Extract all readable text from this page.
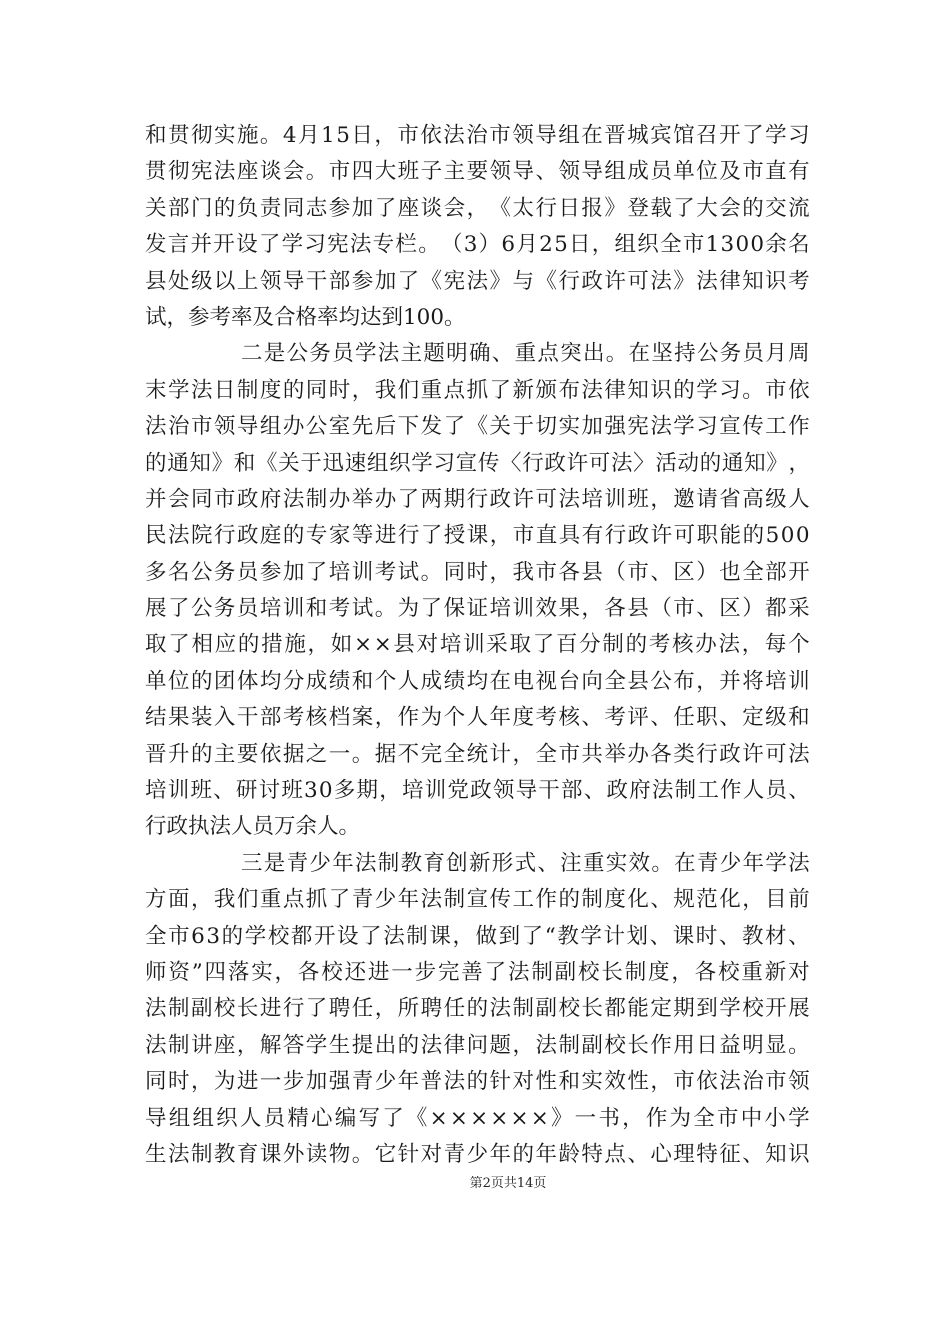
和 贯 彻 实 施 。 4 月 1 5 日 ， 市 依 法 治 市 领 导 组 在 晋 城 宾 馆 召 开 了 学 习
贯 彻 宪 法 座 谈 会 。 市 四 大 班 子 主 要 领 导 、 领 导 组 成 员 单 位 及 市 直 有
关 部 门 的 负 责 同 志 参 加 了 座 谈 会 ， 《 太 行 日 报 》 登 载 了 大 会 的 交 流
发 言 并 开 设 了 学 习 宪 法 专 栏 。 （ 3 ） 6 月 2 5 日 ， 组 织 全 市 1 3 0 0 余 名
县 处 级 以 上 领 导 干 部 参 加 了 《 宪 法 》 与 《 行 政 许 可 法 》 法 律 知 识 考
试，参考率及合格率均达到100。
二 是 公 务 员 学 法 主 题 明 确 、 重 点 突 出 。 在 坚 持 公 务 员 月 周
末 学 法 日 制 度 的 同 时 ， 我 们 重 点 抓 了 新 颁 布 法 律 知 识 的 学 习 。 市 依
法 治 市 领 导 组 办 公 室 先 后 下 发 了 《 关 于 切 实 加 强 宪 法 学 习 宣 传 工 作
的 通 知 》 和 《 关 于 迅 速 组 织 学 习 宣 传 〈 行 政 许 可 法 〉 活 动 的 通 知 》 ，
并 会 同 市 政 府 法 制 办 举 办 了 两 期 行 政 许 可 法 培 训 班 ， 邀 请 省 高 级 人
民 法 院 行 政 庭 的 专 家 等 进 行 了 授 课 ， 市 直 具 有 行 政 许 可 职 能 的 5 0 0
多 名 公 务 员 参 加 了 培 训 考 试 。 同 时 ， 我 市 各 县 （ 市 、 区 ） 也 全 部 开
展 了 公 务 员 培 训 和 考 试 。 为 了 保 证 培 训 效 果 ， 各 县 （ 市 、 区 ） 都 采
取 了 相 应 的 措 施 ， 如 × × 县 对 培 训 采 取 了 百 分 制 的 考 核 办 法 ， 每 个
单 位 的 团 体 均 分 成 绩 和 个 人 成 绩 均 在 电 视 台 向 全 县 公 布 ， 并 将 培 训
结 果 装 入 干 部 考 核 档 案 ， 作 为 个 人 年 度 考 核 、 考 评 、 任 职 、 定 级 和
晋 升 的 主 要 依 据 之 一 。 据 不 完 全 统 计 ， 全 市 共 举 办 各 类 行 政 许 可 法
培 训 班 、 研 讨 班 3 0 多 期 ， 培 训 党 政 领 导 干 部 、 政 府 法 制 工 作 人 员 、
行政执法人员万余人。
三 是 青 少 年 法 制 教 育 创 新 形 式 、 注 重 实 效 。 在 青 少 年 学 法
方 面 ， 我 们 重 点 抓 了 青 少 年 法 制 宣 传 工 作 的 制 度 化 、 规 范 化 ， 目 前
全 市 6 3 的 学 校 都 开 设 了 法 制 课 ， 做 到 了 “ 教 学 计 划 、 课 时 、 教 材 、
师 资 ” 四 落 实 ， 各 校 还 进 一 步 完 善 了 法 制 副 校 长 制 度 ， 各 校 重 新 对
法 制 副 校 长 进 行 了 聘 任 ， 所 聘 任 的 法 制 副 校 长 都 能 定 期 到 学 校 开 展
法 制 讲 座 ， 解 答 学 生 提 出 的 法 律 问 题 ， 法 制 副 校 长 作 用 日 益 明 显 。
同 时 ， 为 进 一 步 加 强 青 少 年 普 法 的 针 对 性 和 实 效 性 ， 市 依 法 治 市 领
导 组 组 织 人 员 精 心 编 写 了 《 × × × × × × 》 一 书 ， 作 为 全 市 中 小 学
生 法 制 教 育 课 外 读 物 。 它 针 对 青 少 年 的 年 龄 特 点 、 心 理 特 征 、 知 识
第2页共14页
